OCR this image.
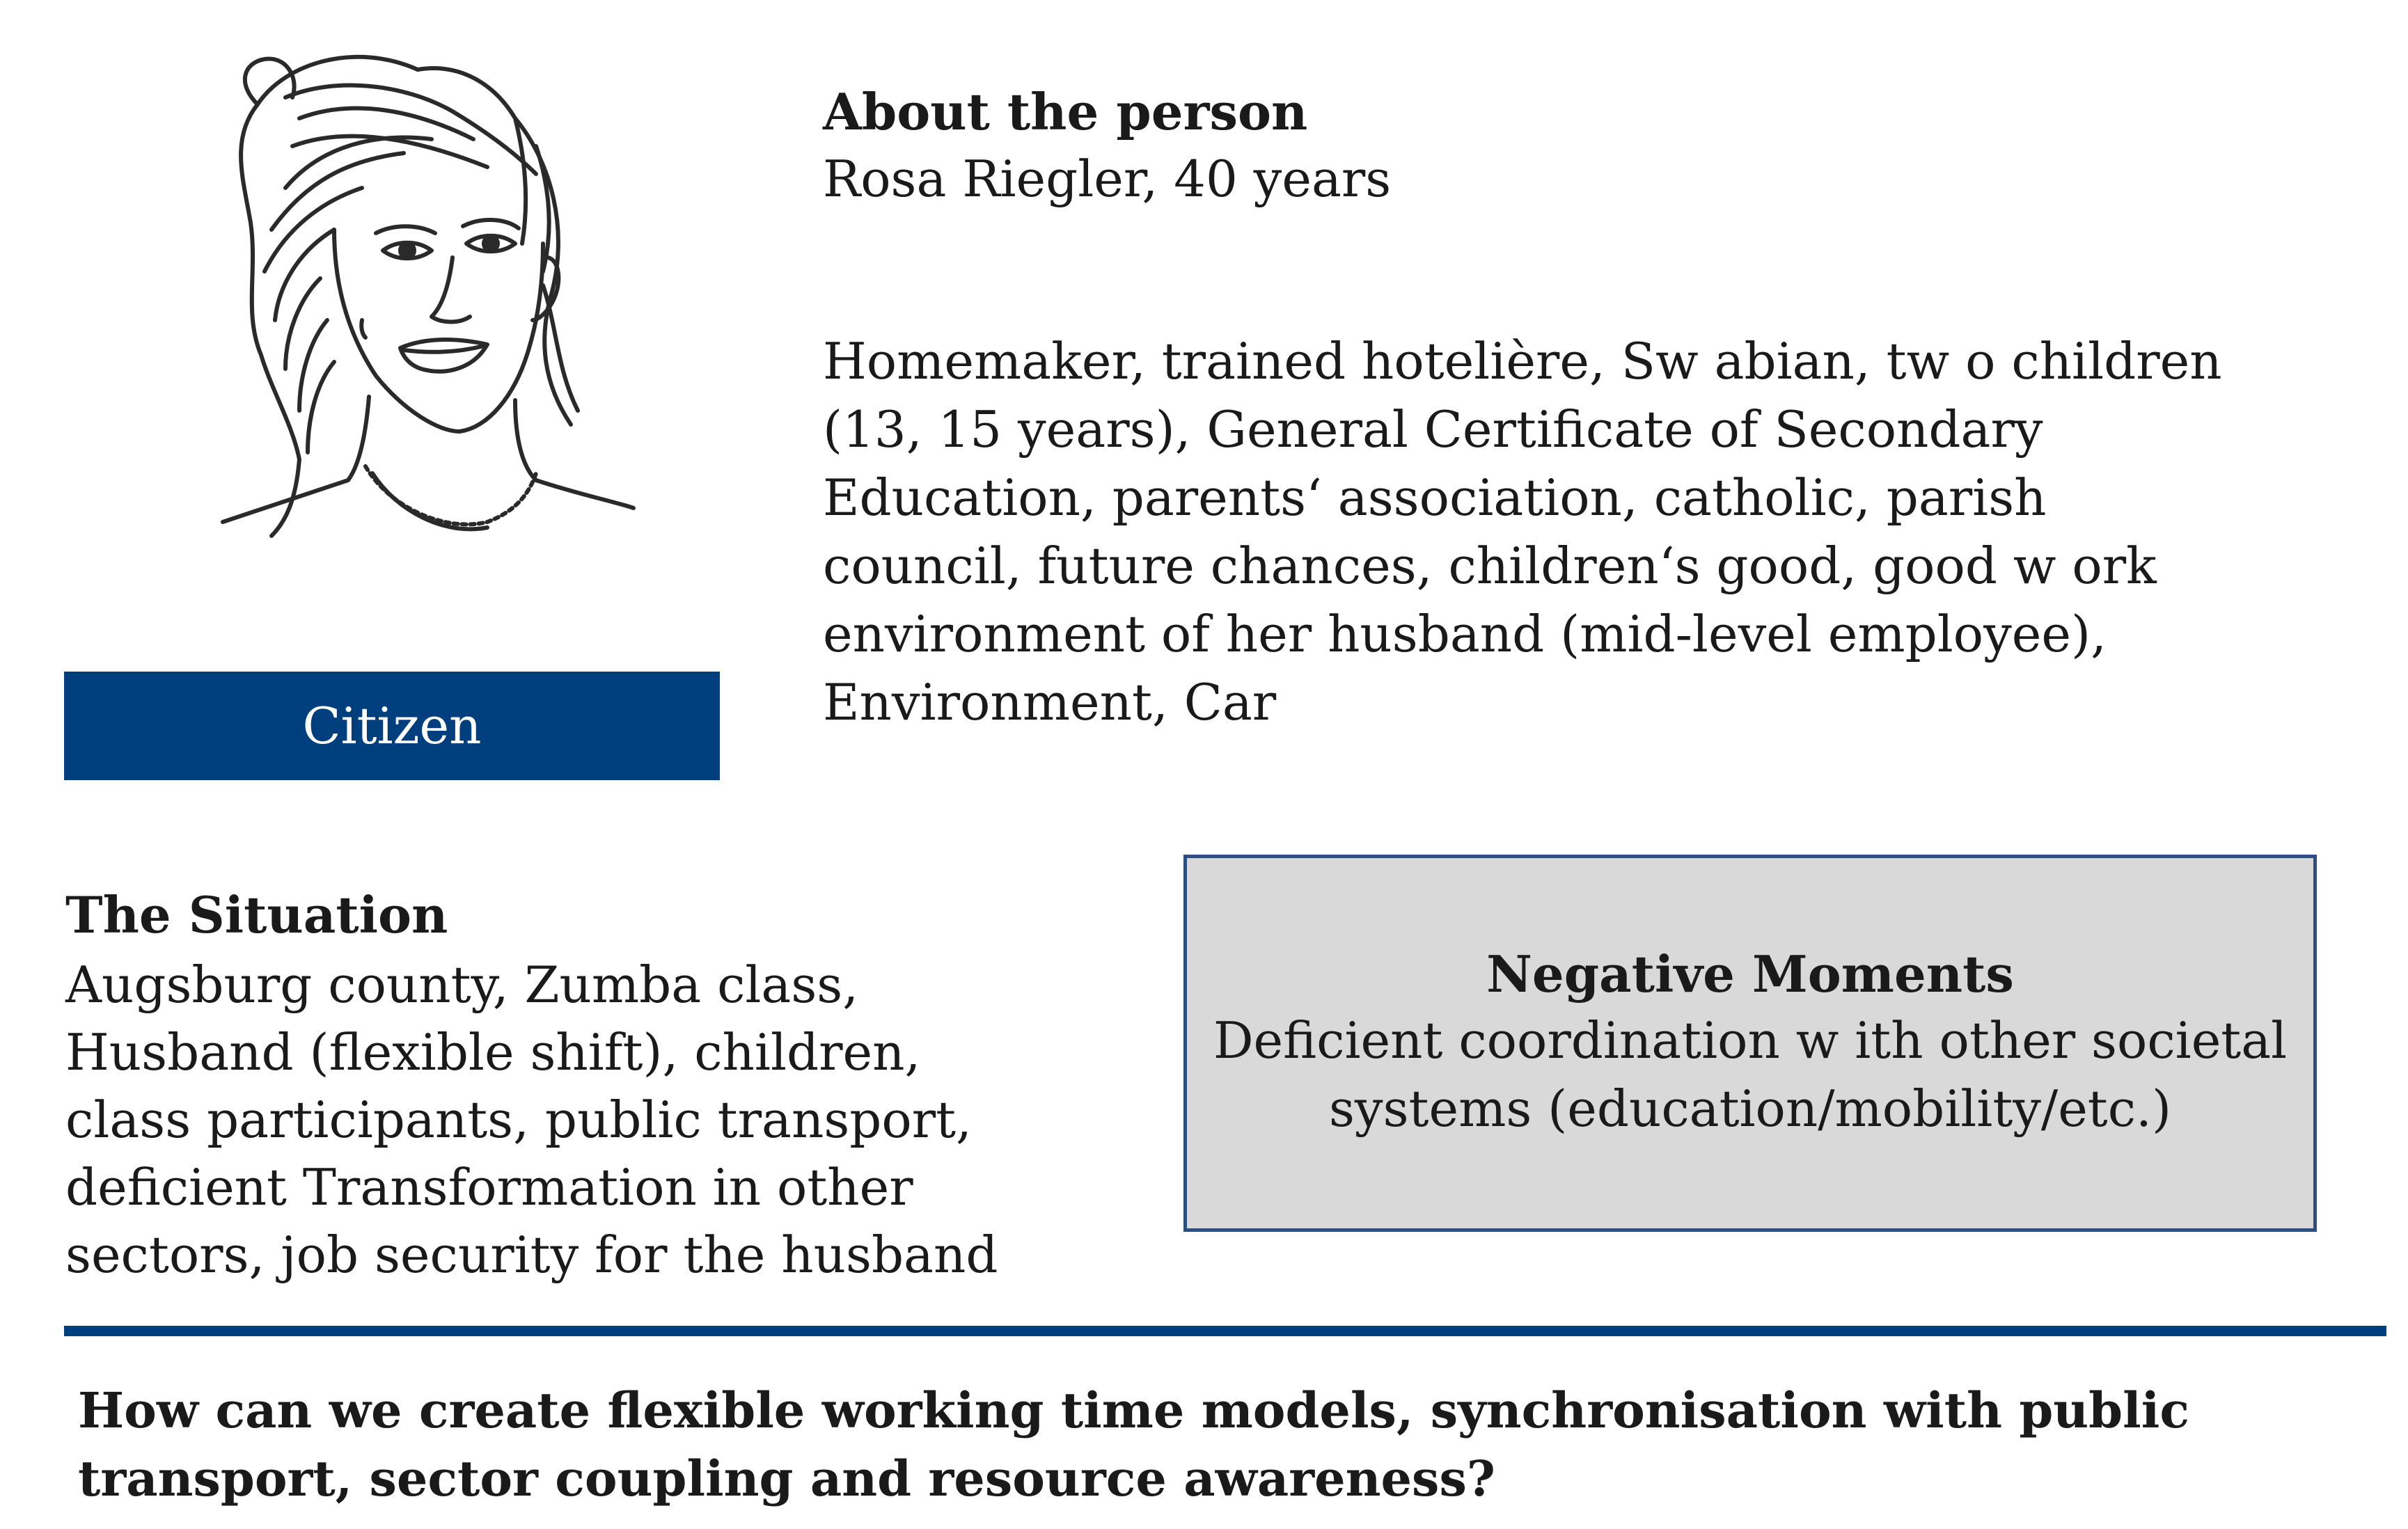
Citizen
About the person
Rosa Riegler, 40 years
Homemaker, trained hotelière, Sw abian, tw o children
(13, 15 years), General Certificate of Secondary
Education, parents‘ association, catholic, parish
council, future chances, children‘s good, good w ork
environment of her husband (mid-level employee),
Environment, Car
The Situation
Augsburg county, Zumba class,
Husband (flexible shift), children,
class participants, public transport,
deficient Transformation in other
sectors, job security for the husband
Negative Moments
Deficient coordination w ith other societal
systems (education/mobility/etc.)
How can we create flexible working time models, synchronisation with public
transport, sector coupling and resource awareness?
